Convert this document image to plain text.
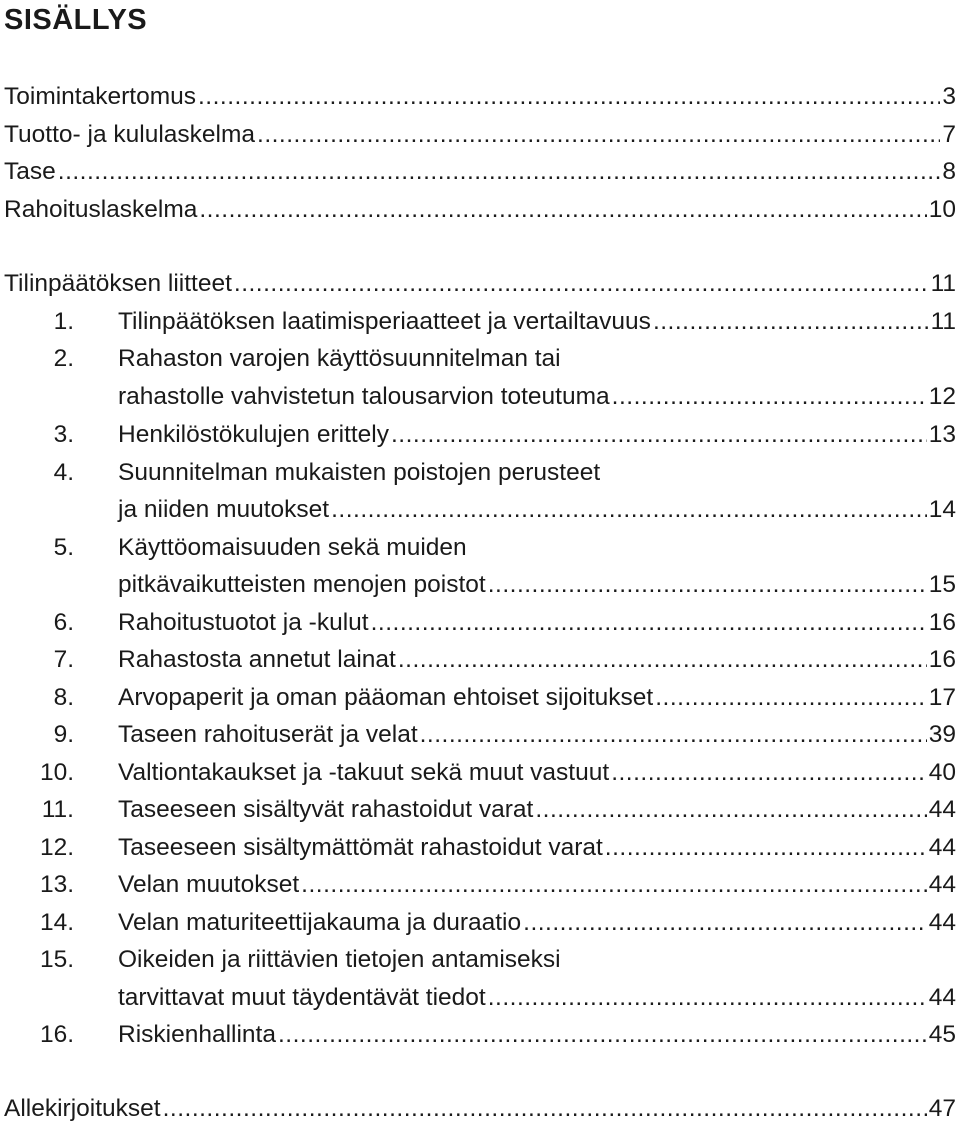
SISÄLLYS
Toimintakertomus .....	3
Tuotto- ja kululaskelma .....	7
Tase .....	8
Rahoituslaskelma .....	10
Tilinpäätöksen liitteet .....	11
1. Tilinpäätöksen laatimisperiaatteet ja vertailtavuus .....	11
2. Rahaston varojen käyttösuunnitelman tai
rahastolle vahvistetun talousarvion toteutuma .....	12
3. Henkilöstökulujen erittely .....	13
4. Suunnitelman mukaisten poistojen perusteet
ja niiden muutokset .....	14
5. Käyttöomaisuuden sekä muiden
pitkävaikutteisten menojen poistot .....	15
6. Rahoitustuotot ja -kulut .....	16
7. Rahastosta annetut lainat .....	16
8. Arvopaperit ja oman pääoman ehtoiset sijoitukset .....	17
9. Taseen rahoituserät ja velat .....	39
10. Valtiontakaukset ja -takuut sekä muut vastuut .....	40
11. Taseeseen sisältyvät rahastoidut varat .....	44
12. Taseeseen sisältymättömät rahastoidut varat .....	44
13. Velan muutokset .....	44
14. Velan maturiteettijakauma ja duraatio .....	44
15. Oikeiden ja riittävien tietojen antamiseksi
tarvittavat muut täydentävät tiedot .....	44
16. Riskienhallinta .....	45
Allekirjoitukset .....	47
